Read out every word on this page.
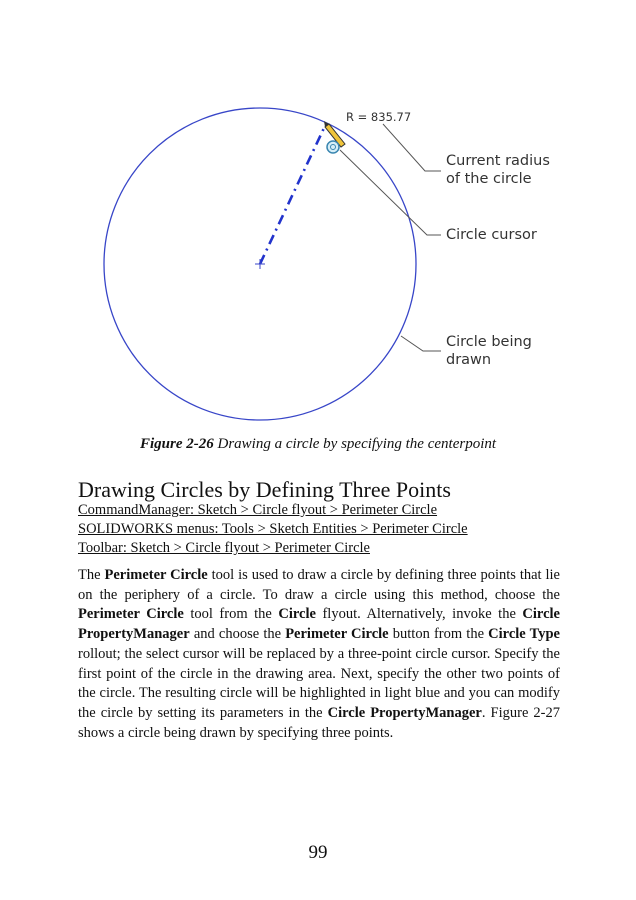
R = 835.77
Current radius
of the circle
Circle cursor
Circle being
drawn
Figure 2-26 Drawing a circle by specifying the centerpoint
Drawing Circles by Defining Three Points
CommandManager: Sketch > Circle flyout > Perimeter Circle
SOLIDWORKS menus: Tools > Sketch Entities > Perimeter Circle
Toolbar: Sketch > Circle flyout > Perimeter Circle

The Perimeter Circle tool is used to draw a circle by defining three points that lie on the periphery of a circle. To draw a circle using this method, choose the Perimeter Circle tool from the Circle flyout. Alternatively, invoke the Circle PropertyManager and choose the Perimeter Circle button from the Circle Type rollout; the select cursor will be replaced by a three-point circle cursor. Specify the first point of the circle in the drawing area. Next, specify the other two points of the circle. The resulting circle will be highlighted in light blue and you can modify the circle by setting its parameters in the Circle PropertyManager. Figure 2-27 shows a circle being drawn by specifying three points.

99
